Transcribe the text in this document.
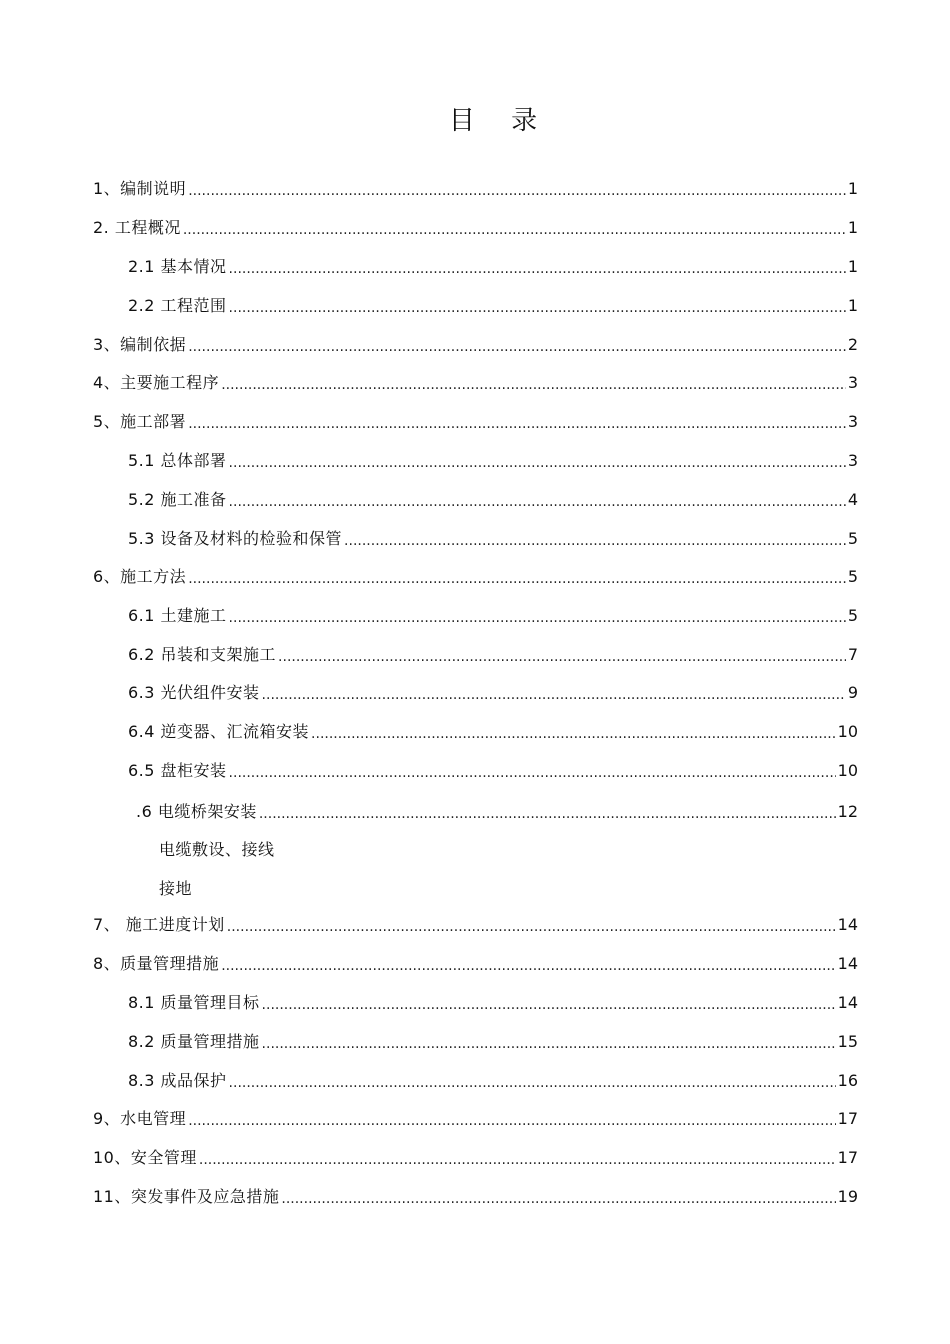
目 录
1、编制说明 .....	1
2. 工程概况 .....	1
2.1 基本情况 .....	1
2.2 工程范围 .....	1
3、编制依据 .....	2
4、主要施工程序 .....	3
5、施工部署 .....	3
5.1 总体部署 .....	3
5.2 施工准备 .....	4
5.3 设备及材料的检验和保管 .....	5
6、施工方法 .....	5
6.1 土建施工 .....	5
6.2 吊装和支架施工 .....	7
6.3 光伏组件安装 .....	9
6.4 逆变器、汇流箱安装 .....	10
6.5 盘柜安装 .....	10
.6 电缆桥架安装 .....	12
电缆敷设、接线
接地
7、 施工进度计划 .....	14
8、质量管理措施 .....	14
8.1 质量管理目标 .....	14
8.2 质量管理措施 .....	15
8.3 成品保护 .....	16
9、水电管理 .....	17
10、安全管理 .....	17
11、突发事件及应急措施 .....	19
